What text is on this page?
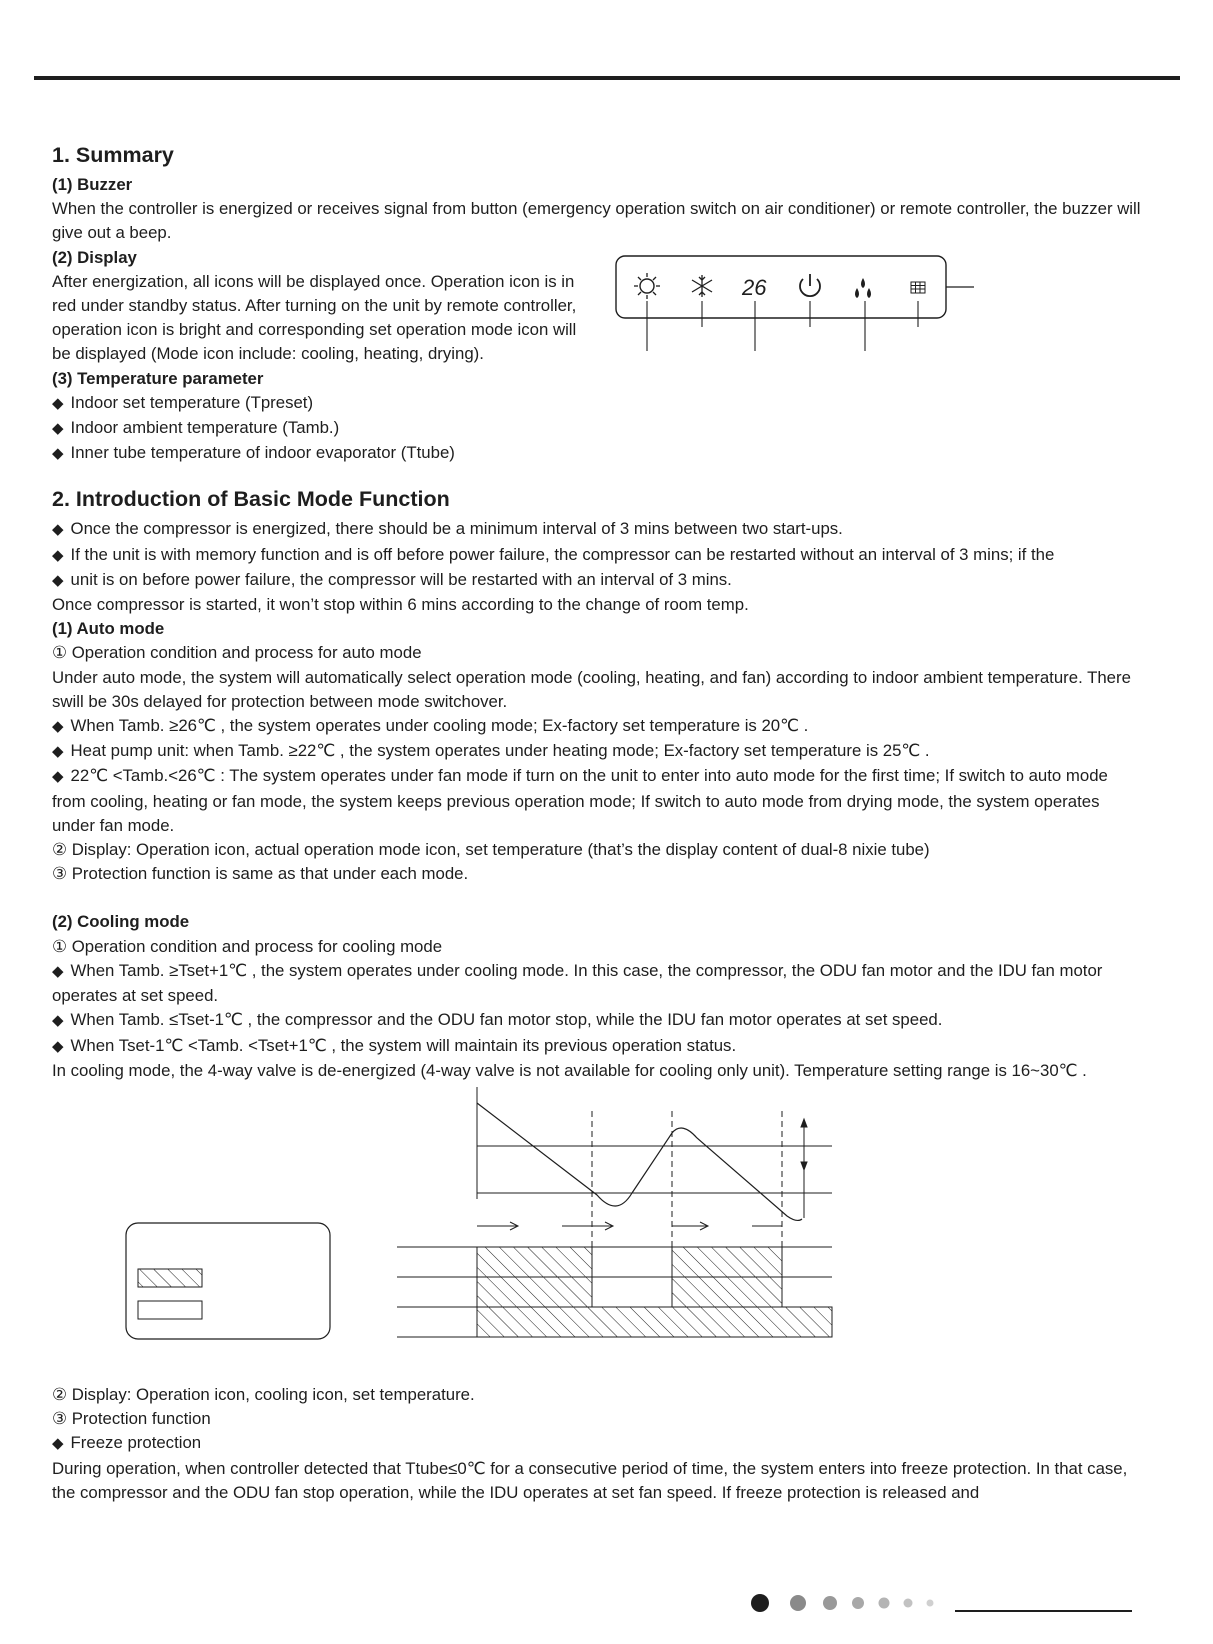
1. Summary
(1) Buzzer

When the controller is energized or receives signal from button (emergency operation switch on air conditioner) or remote controller, the buzzer will give out a beep.

(2) Display

After energization, all icons will be displayed once. Operation icon is in red under standby status. After turning on the unit by remote controller, operation icon is bright and corresponding set operation mode icon will be displayed (Mode icon include: cooling, heating, drying).

26
(3) Temperature parameter

◆ Indoor set temperature (Tpreset)

◆ Indoor ambient temperature (Tamb.)

◆ Inner tube temperature of indoor evaporator (Ttube)

2. Introduction of Basic Mode Function

◆ Once the compressor is energized, there should be a minimum interval of 3 mins between two start-ups.

◆ If the unit is with memory function and is off before power failure, the compressor can be restarted without an interval of 3 mins; if the

◆ unit is on before power failure, the compressor will be restarted with an interval of 3 mins.

Once compressor is started, it won’t stop within 6 mins according to the change of room temp.

(1) Auto mode

① Operation condition and process for auto mode

Under auto mode, the system will automatically select operation mode (cooling, heating, and fan) according to indoor ambient temperature. There swill be 30s delayed for protection between mode switchover.

◆ When Tamb. ≥26℃ , the system operates under cooling mode; Ex-factory set temperature is 20℃ .

◆ Heat pump unit: when Tamb. ≥22℃ , the system operates under heating mode; Ex-factory set temperature is 25℃ .

◆ 22℃ <Tamb.<26℃ : The system operates under fan mode if turn on the unit to enter into auto mode for the first time; If switch to auto mode from cooling, heating or fan mode, the system keeps previous operation mode; If switch to auto mode from drying mode, the system operates under fan mode.

② Display: Operation icon, actual operation mode icon, set temperature (that’s the display content of dual-8 nixie tube)

③ Protection function is same as that under each mode.

(2) Cooling mode

① Operation condition and process for cooling mode

◆ When Tamb. ≥Tset+1℃ , the system operates under cooling mode. In this case, the compressor, the ODU fan motor and the IDU fan motor operates at set speed.

◆ When Tamb. ≤Tset-1℃ , the compressor and the ODU fan motor stop, while the IDU fan motor operates at set speed.

◆ When Tset-1℃ <Tamb. <Tset+1℃ , the system will maintain its previous operation status.

In cooling mode, the 4-way valve is de-energized (4-way valve is not available for cooling only unit). Temperature setting range is 16~30℃ .

② Display: Operation icon, cooling icon, set temperature.

③ Protection function

◆ Freeze protection

During operation, when controller detected that Ttube≤0℃ for a consecutive period of time, the system enters into freeze protection. In that case, the compressor and the ODU fan stop operation, while the IDU operates at set fan speed. If freeze protection is released and
